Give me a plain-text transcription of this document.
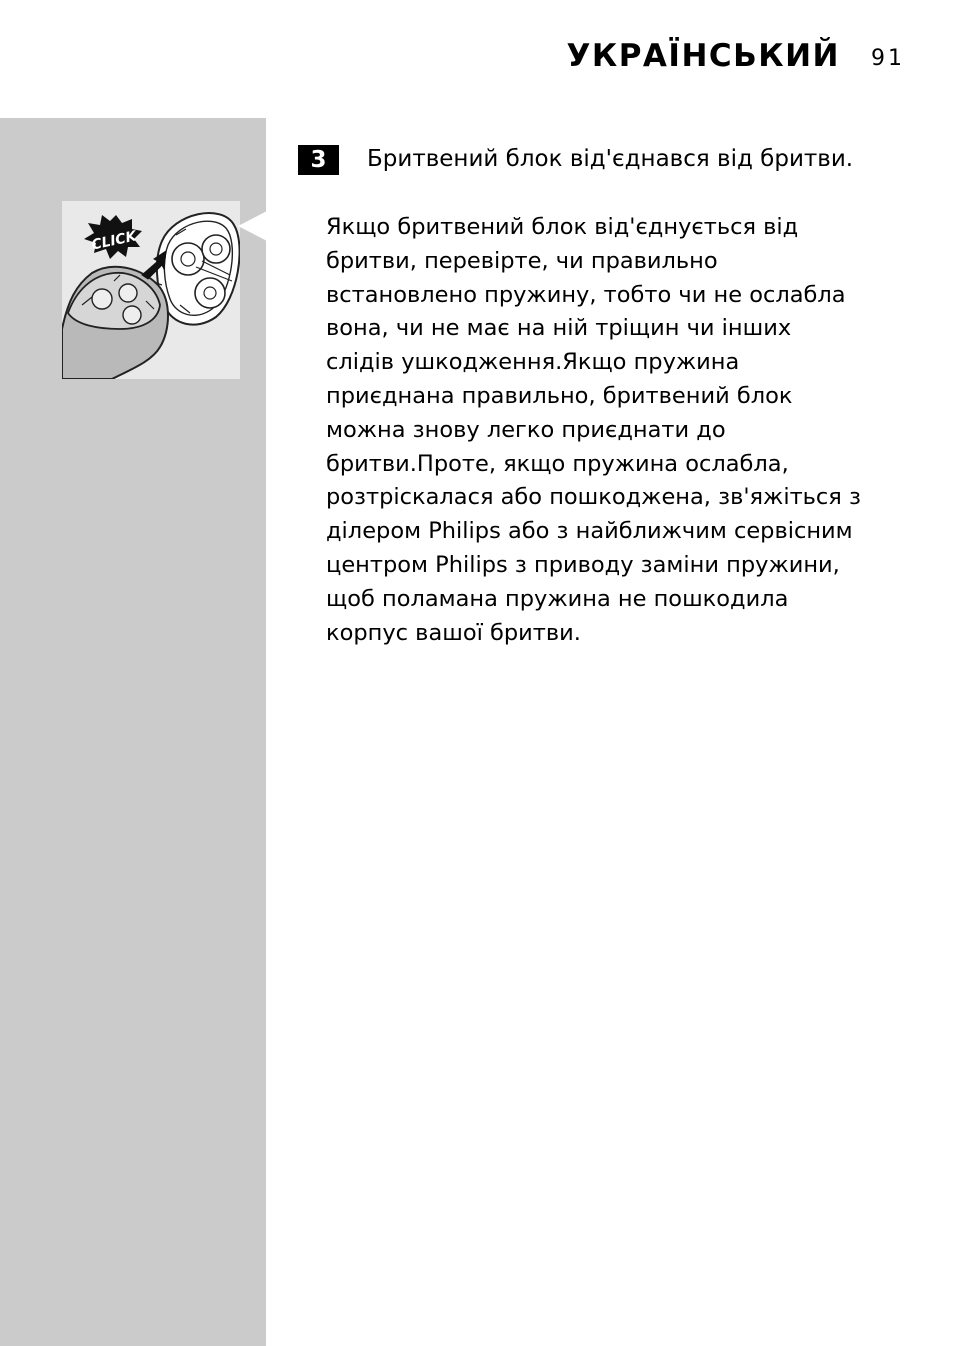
УКРАЇНСЬКИЙ 91
CLICK
3	Бритвений блок від'єднався від бритви.

Якщо бритвений блок від'єднується від
бритви, перевірте, чи правильно
встановлено пружину, тобто чи не ослабла
вона, чи не має на ній тріщин чи інших
слідів ушкодження.Якщо пружина
приєднана правильно, бритвений блок
можна знову легко приєднати до
бритви.Проте, якщо пружина ослабла,
розтріскалася або пошкоджена, зв'яжіться з
ділером Philips або з найближчим сервісним
центром Philips з приводу заміни пружини,
щоб поламана пружина не пошкодила
корпус вашої бритви.
